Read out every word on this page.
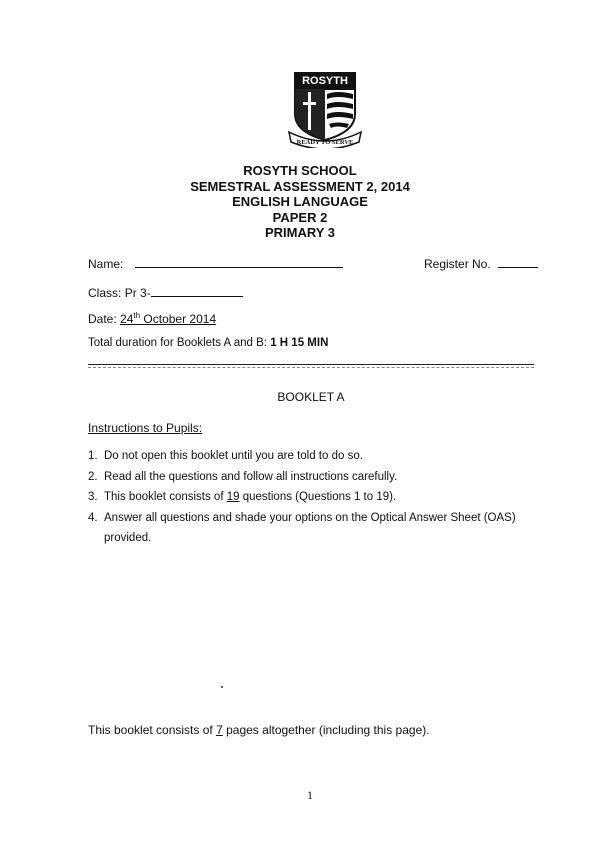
ROSYTH
READY TO SERVE
ROSYTH SCHOOL
SEMESTRAL ASSESSMENT 2, 2014
ENGLISH LANGUAGE
PAPER 2
PRIMARY 3
Name:	Register No.
Class: Pr 3-
Date: 24th October 2014
Total duration for Booklets A and B: 1 H 15 MIN
BOOKLET A
Instructions to Pupils:
1. Do not open this booklet until you are told to do so.
2. Read all the questions and follow all instructions carefully.
3. This booklet consists of 19 questions (Questions 1 to 19).
4. Answer all questions and shade your options on the Optical Answer Sheet (OAS) provided.
This booklet consists of 7 pages altogether (including this page).
1
